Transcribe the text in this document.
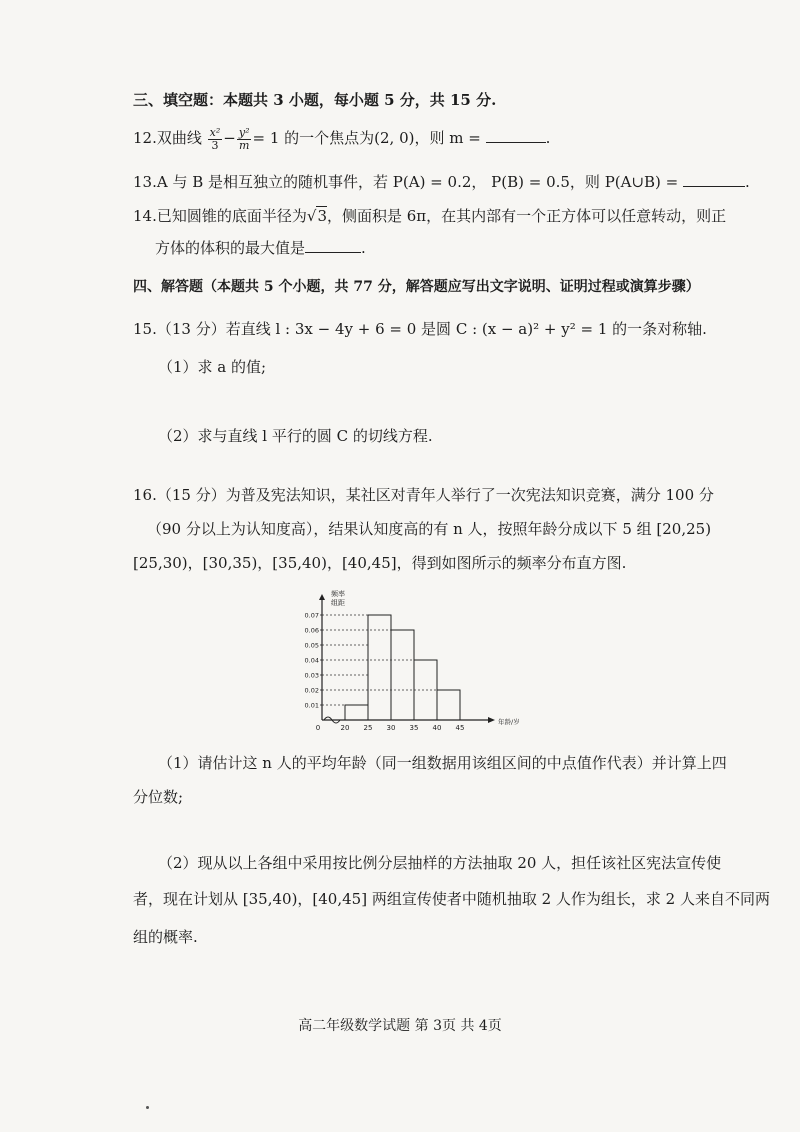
三、填空题：本题共 3 小题，每小题 5 分，共 15 分.
12.双曲线 $\frac{\text{x²}}{3} - \frac{\text{y²}}{m} = 1$ 的一个焦点为(2, 0)，则 m =	.
13.A 与 B 是相互独立的随机事件，若 P(A) = 0.2， P(B) = 0.5，则 P(A∪B) =	.
14.已知圆锥的底面半径为√3，侧面积是 6π，在其内部有一个正方体可以任意转动，则正
方体的体积的最大值是	.
四、解答题（本题共 5 个小题，共 77 分，解答题应写出文字说明、证明过程或演算步骤）
15.（13 分）若直线 l : 3x − 4y + 6 = 0 是圆 C : (x − a)² + y² = 1 的一条对称轴.
（1）求 a 的值;
（2）求与直线 l 平行的圆 C 的切线方程.
16.（15 分）为普及宪法知识，某社区对青年人举行了一次宪法知识竞赛，满分 100 分
（90 分以上为认知度高），结果认知度高的有 n 人，按照年龄分成以下 5 组 [20,25)
[25,30)，[30,35)，[35,40)，[40,45]，得到如图所示的频率分布直方图.
频率
组距
0
0.01
0.02
0.03
0.04
0.05
0.06
0.07
20 25 30 35 40 45
年龄/岁
（1）请估计这 n 人的平均年龄（同一组数据用该组区间的中点值作代表）并计算上四
分位数;
（2）现从以上各组中采用按比例分层抽样的方法抽取 20 人，担任该社区宪法宣传使
者，现在计划从 [35,40)，[40,45] 两组宣传使者中随机抽取 2 人作为组长，求 2 人来自不同两
组的概率.
高二年级数学试题 第 3页 共 4页
